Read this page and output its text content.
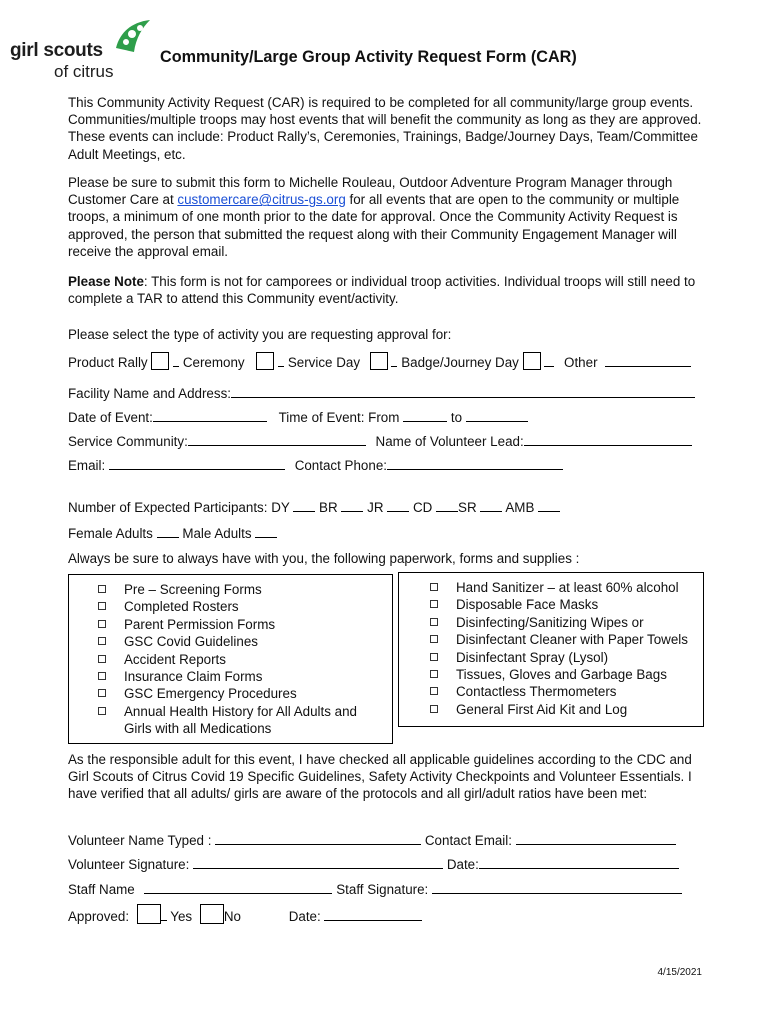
girl scouts
of citrus
Community/Large Group Activity Request Form (CAR)
This Community Activity Request (CAR) is required to be completed for all community/large group events. Communities/multiple troops may host events that will benefit the community as long as they are approved. These events can include: Product Rally’s, Ceremonies, Trainings, Badge/Journey Days, Team/Committee Adult Meetings, etc.
Please be sure to submit this form to Michelle Rouleau, Outdoor Adventure Program Manager through Customer Care at customercare@citrus-gs.org for all events that are open to the community or multiple troops, a minimum of one month prior to the date for approval. Once the Community Activity Request is approved, the person that submitted the request along with their Community Engagement Manager will receive the approval email.
Please Note: This form is not for camporees or individual troop activities. Individual troops will still need to complete a TAR to attend this Community event/activity.
Please select the type of activity you are requesting approval for:
Product Rally	Ceremony	Service Day	Badge/Journey Day	Other
Facility Name and Address:
Date of Event:	Time of Event: From	to
Service Community:	Name of Volunteer Lead:
Email:	Contact Phone:
Number of Expected Participants: DY BR JR CD SR AMB
Female Adults Male Adults
Always be sure to always have with you, the following paperwork, forms and supplies :
Pre – Screening Forms
Completed Rosters
Parent Permission Forms
GSC Covid Guidelines
Accident Reports
Insurance Claim Forms
GSC Emergency Procedures
Annual Health History for All Adults and Girls with all Medications
Hand Sanitizer – at least 60% alcohol
Disposable Face Masks
Disinfecting/Sanitizing Wipes or
Disinfectant Cleaner with Paper Towels
Disinfectant Spray (Lysol)
Tissues, Gloves and Garbage Bags
Contactless Thermometers
General First Aid Kit and Log
As the responsible adult for this event, I have checked all applicable guidelines according to the CDC and Girl Scouts of Citrus Covid 19 Specific Guidelines, Safety Activity Checkpoints and Volunteer Essentials. I have verified that all adults/ girls are aware of the protocols and all girl/adult ratios have been met:
Volunteer Name Typed :	Contact Email:
Volunteer Signature:	Date:
Staff Name	Staff Signature:
Approved:	Yes No	Date:
4/15/2021
